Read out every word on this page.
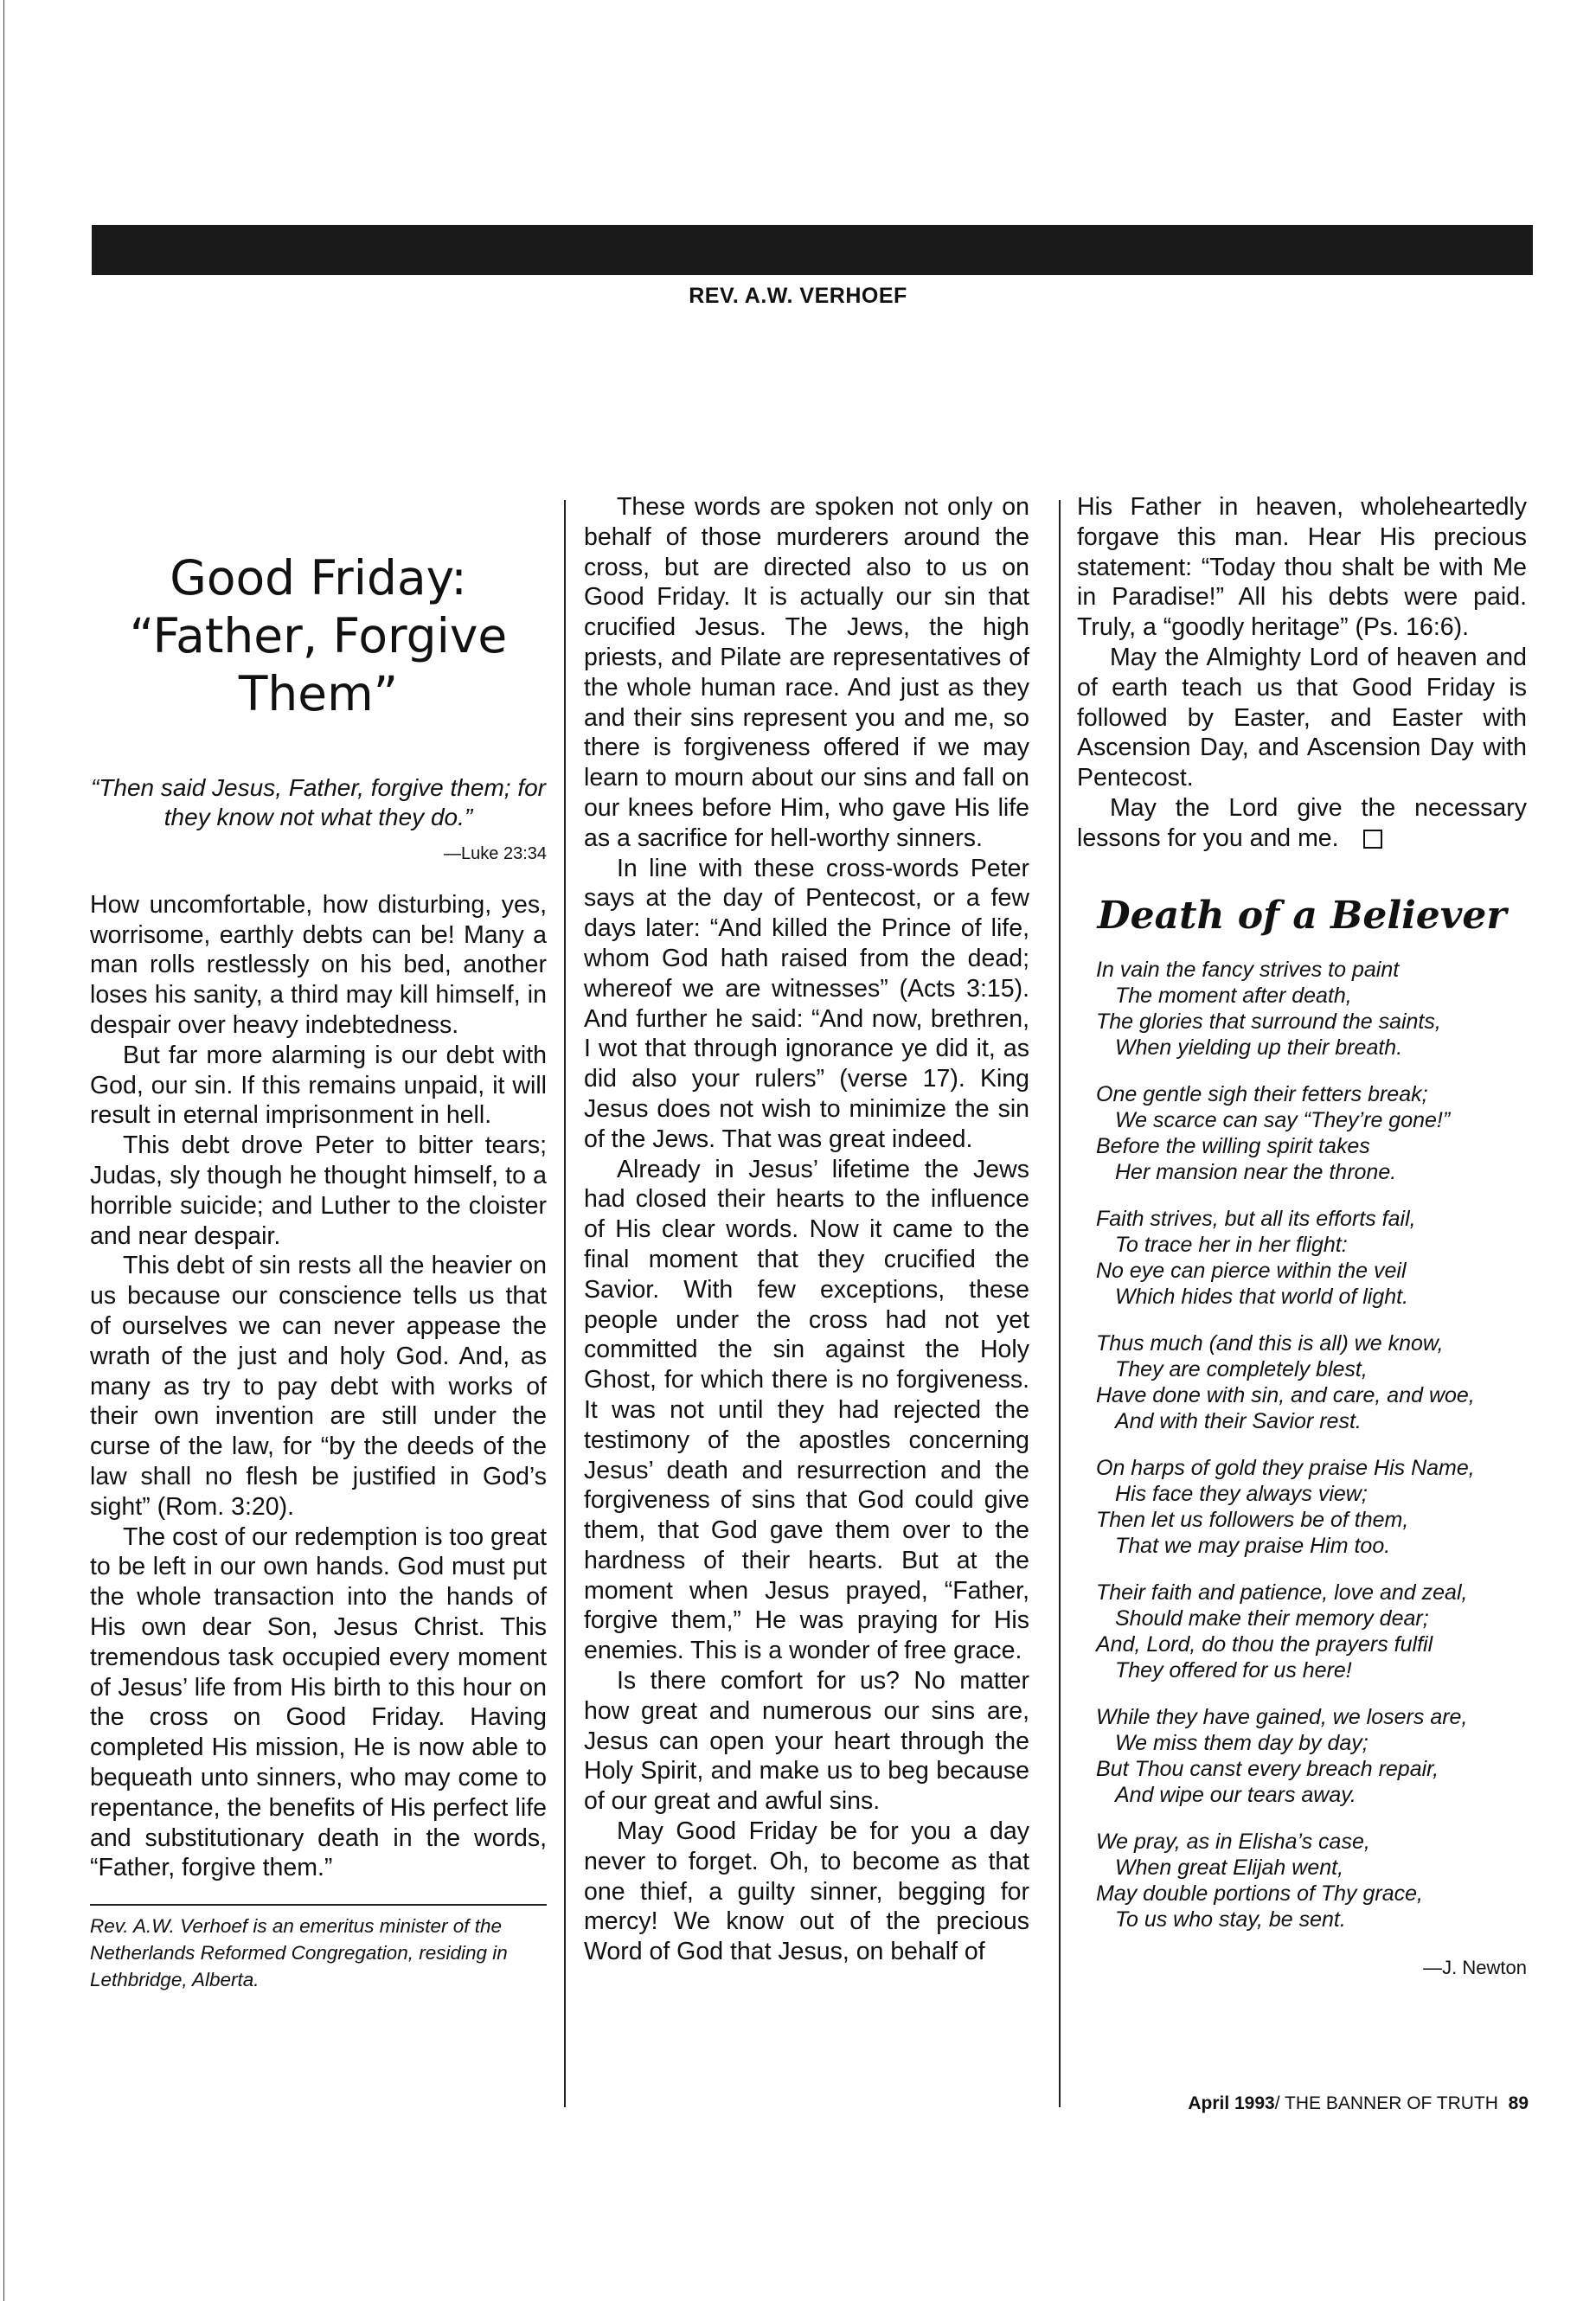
REV. A.W. VERHOEF
Good Friday:
“Father, Forgive
Them”

“Then said Jesus, Father, forgive them; for they know not what they do.”

—Luke 23:34

How uncomfortable, how disturbing, yes, worrisome, earthly debts can be! Many a man rolls restlessly on his bed, another loses his sanity, a third may kill himself, in despair over heavy indebtedness.

But far more alarming is our debt with God, our sin. If this remains unpaid, it will result in eternal imprisonment in hell.

This debt drove Peter to bitter tears; Judas, sly though he thought himself, to a horrible suicide; and Luther to the cloister and near despair.

This debt of sin rests all the heavier on us because our conscience tells us that of ourselves we can never appease the wrath of the just and holy God. And, as many as try to pay debt with works of their own invention are still under the curse of the law, for “by the deeds of the law shall no flesh be justified in God’s sight” (Rom. 3:20).

The cost of our redemption is too great to be left in our own hands. God must put the whole transaction into the hands of His own dear Son, Jesus Christ. This tremendous task occupied every moment of Jesus’ life from His birth to this hour on the cross on Good Friday. Having completed His mission, He is now able to bequeath unto sinners, who may come to repentance, the benefits of His perfect life and substitutionary death in the words, “Father, forgive them.”

Rev. A.W. Verhoef is an emeritus minister of the Netherlands Reformed Congregation, residing in Lethbridge, Alberta.

These words are spoken not only on behalf of those murderers around the cross, but are directed also to us on Good Friday. It is actually our sin that crucified Jesus. The Jews, the high priests, and Pilate are representatives of the whole human race. And just as they and their sins represent you and me, so there is forgiveness offered if we may learn to mourn about our sins and fall on our knees before Him, who gave His life as a sacrifice for hell-worthy sinners.

In line with these cross-words Peter says at the day of Pentecost, or a few days later: “And killed the Prince of life, whom God hath raised from the dead; whereof we are witnesses” (Acts 3:15). And further he said: “And now, brethren, I wot that through ignorance ye did it, as did also your rulers” (verse 17). King Jesus does not wish to minimize the sin of the Jews. That was great indeed.

Already in Jesus’ lifetime the Jews had closed their hearts to the influence of His clear words. Now it came to the final moment that they crucified the Savior. With few exceptions, these people under the cross had not yet committed the sin against the Holy Ghost, for which there is no forgiveness. It was not until they had rejected the testimony of the apostles concerning Jesus’ death and resurrection and the forgiveness of sins that God could give them, that God gave them over to the hardness of their hearts. But at the moment when Jesus prayed, “Father, forgive them,” He was praying for His enemies. This is a wonder of free grace.

Is there comfort for us? No matter how great and numerous our sins are, Jesus can open your heart through the Holy Spirit, and make us to beg because of our great and awful sins.

May Good Friday be for you a day never to forget. Oh, to become as that one thief, a guilty sinner, begging for mercy! We know out of the precious Word of God that Jesus, on behalf of

His Father in heaven, wholeheartedly forgave this man. Hear His precious statement: “Today thou shalt be with Me in Paradise!” All his debts were paid. Truly, a “goodly heritage” (Ps. 16:6).

May the Almighty Lord of heaven and of earth teach us that Good Friday is followed by Easter, and Easter with Ascension Day, and Ascension Day with Pentecost.

May the Lord give the necessary lessons for you and me.

Death of a Believer
In vain the fancy strives to paint
The moment after death,
The glories that surround the saints,
When yielding up their breath.
One gentle sigh their fetters break;
We scarce can say “They’re gone!”
Before the willing spirit takes
Her mansion near the throne.
Faith strives, but all its efforts fail,
To trace her in her flight:
No eye can pierce within the veil
Which hides that world of light.
Thus much (and this is all) we know,
They are completely blest,
Have done with sin, and care, and woe,
And with their Savior rest.
On harps of gold they praise His Name,
His face they always view;
Then let us followers be of them,
That we may praise Him too.
Their faith and patience, love and zeal,
Should make their memory dear;
And, Lord, do thou the prayers fulfil
They offered for us here!
While they have gained, we losers are,
We miss them day by day;
But Thou canst every breach repair,
And wipe our tears away.
We pray, as in Elisha’s case,
When great Elijah went,
May double portions of Thy grace,
To us who stay, be sent.
—J. Newton
April 1993/ THE BANNER OF TRUTH 89
